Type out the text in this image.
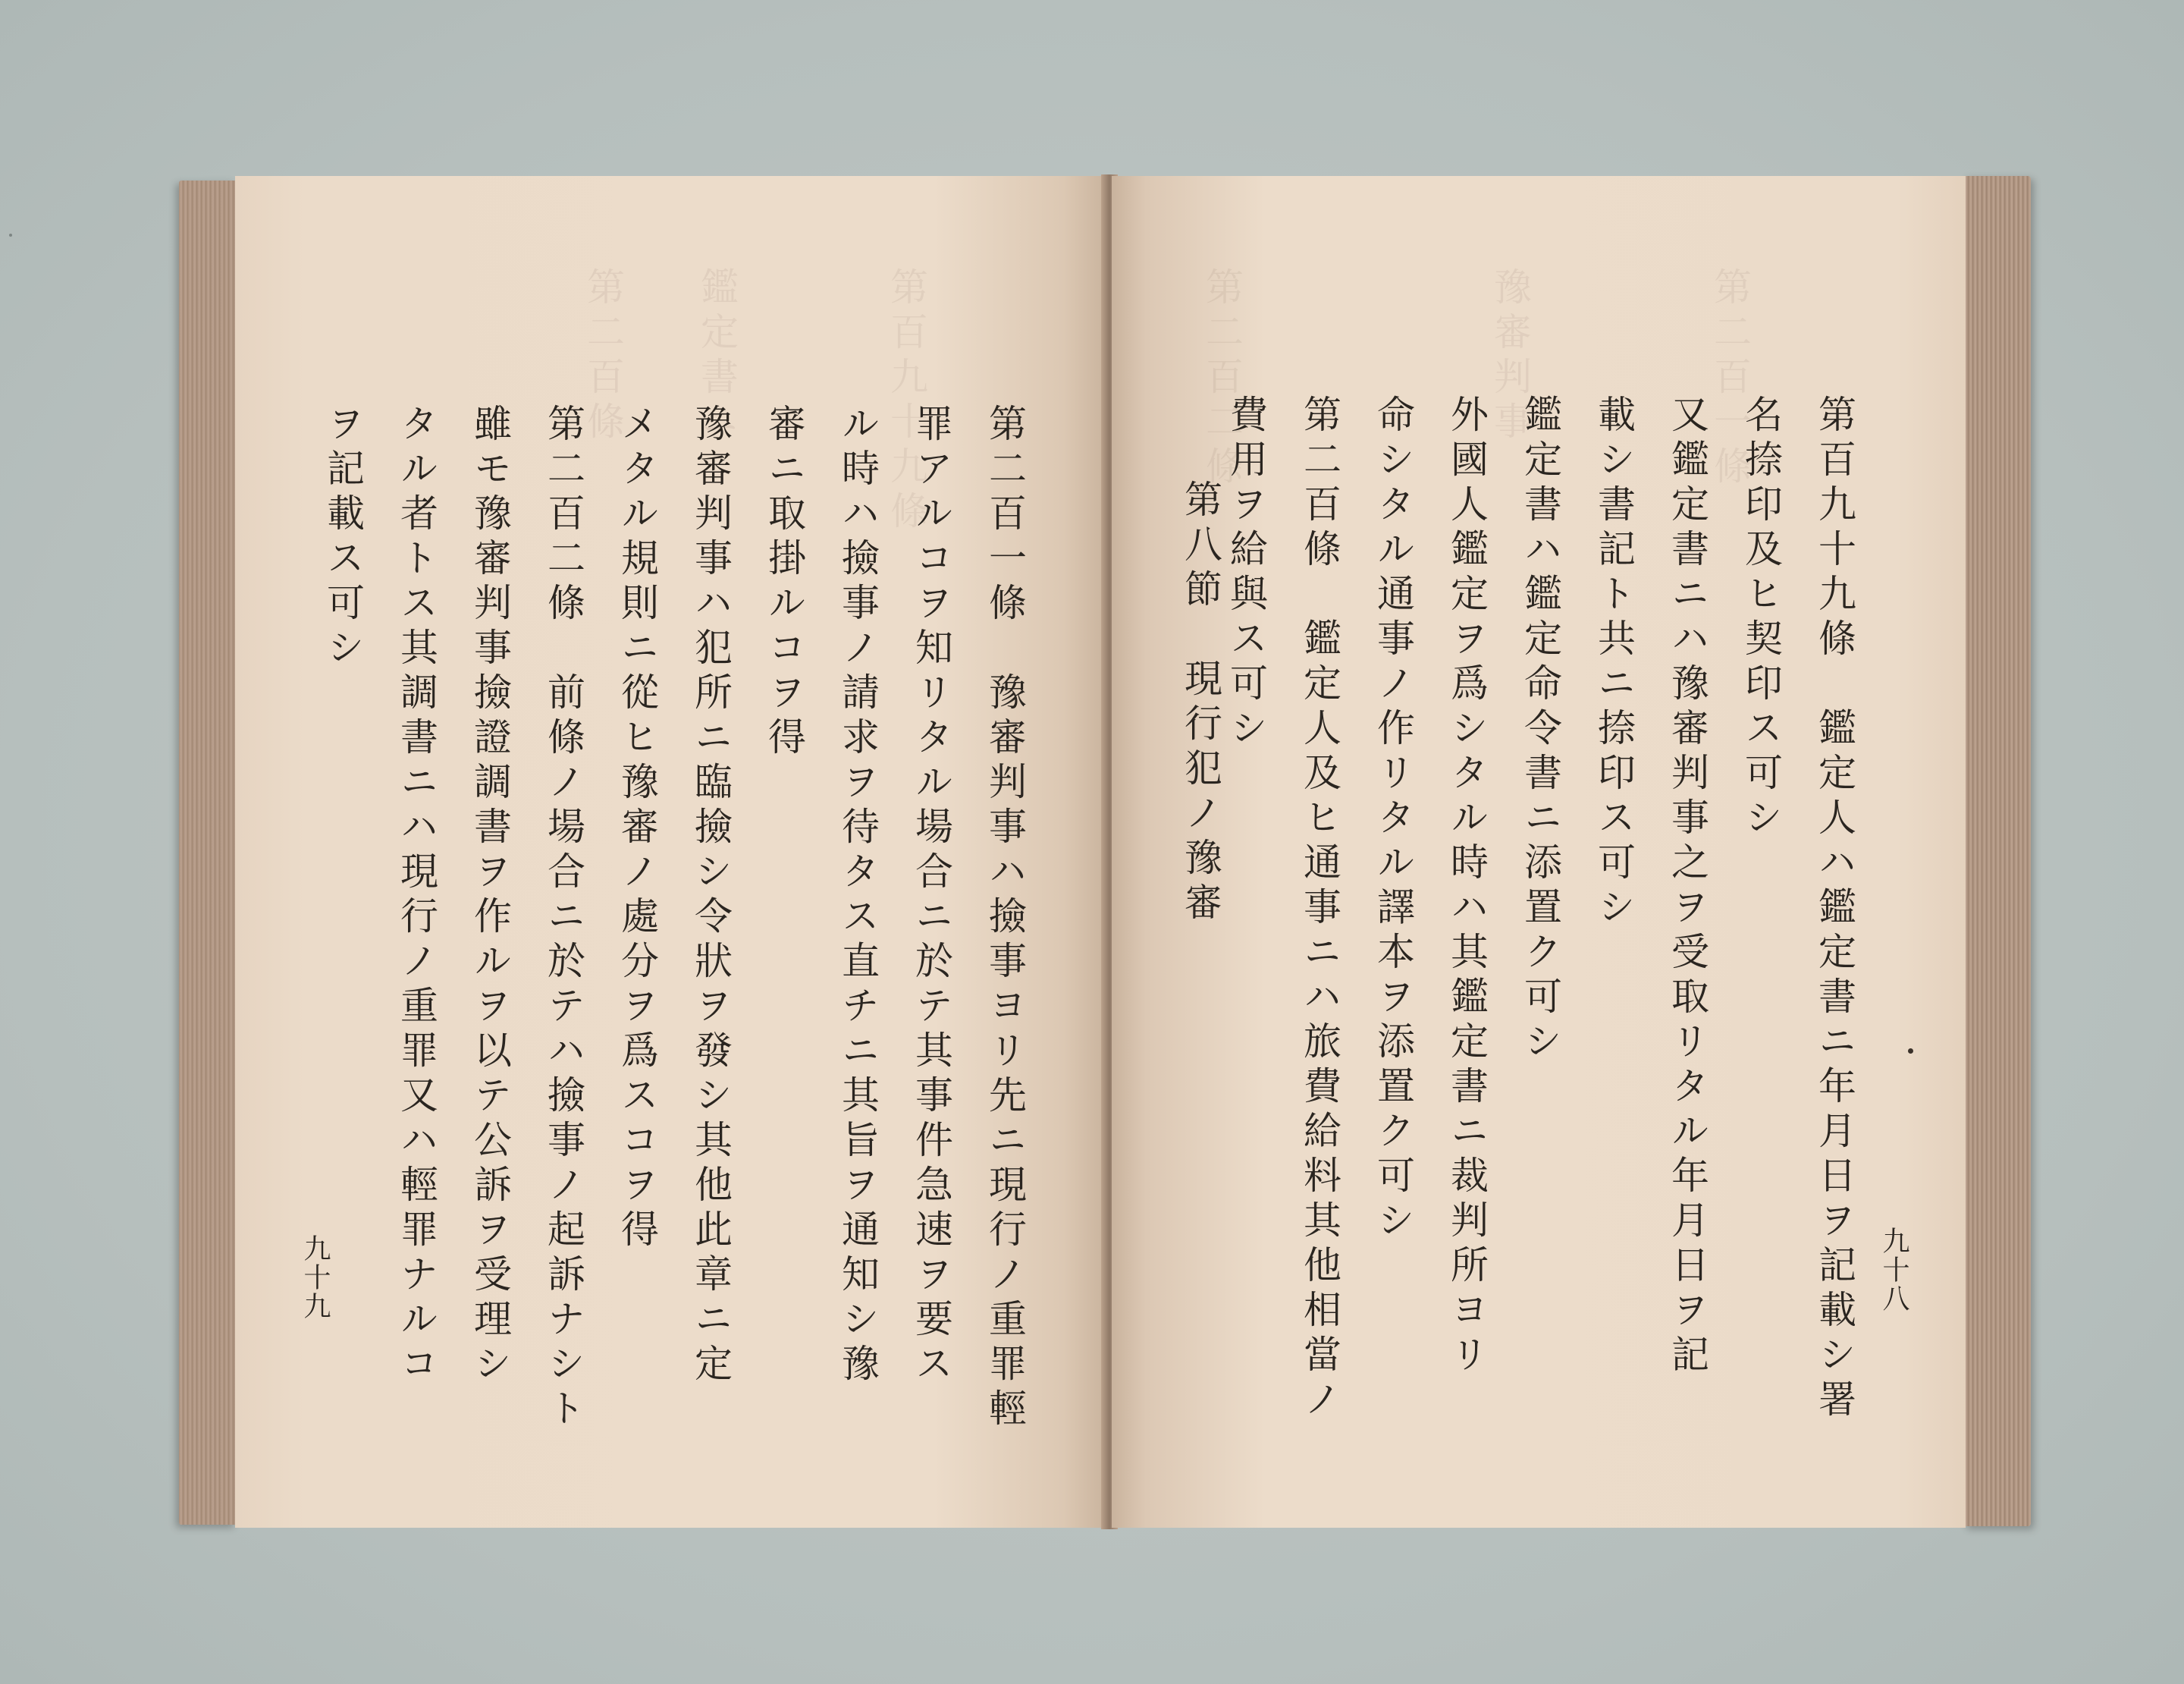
第百九十九條
鑑定書ニ
第二百條
第二百一條　豫審判事ハ撿事ヨリ先ニ現行ノ重罪輕
罪アルコヲ知リタル場合ニ於テ其事件急速ヲ要ス
ル時ハ撿事ノ請求ヲ待タス直チニ其旨ヲ通知シ豫
審ニ取掛ルコヲ得
豫審判事ハ犯所ニ臨撿シ令狀ヲ發シ其他此章ニ定
メタル規則ニ從ヒ豫審ノ處分ヲ爲スコヲ得
第二百二條　前條ノ場合ニ於テハ撿事ノ起訴ナシト
雖モ豫審判事撿證調書ヲ作ルヲ以テ公訴ヲ受理シ
タル者トス其調書ニハ現行ノ重罪又ハ輕罪ナルコ
ヲ記載ス可シ
九十九
第二百一條
豫審判事
第二百二條
第百九十九條　鑑定人ハ鑑定書ニ年月日ヲ記載シ署
名捺印及ヒ契印ス可シ
又鑑定書ニハ豫審判事之ヲ受取リタル年月日ヲ記
載シ書記ト共ニ捺印ス可シ
鑑定書ハ鑑定命令書ニ添置ク可シ
外國人鑑定ヲ爲シタル時ハ其鑑定書ニ裁判所ヨリ
命シタル通事ノ作リタル譯本ヲ添置ク可シ
第二百條　鑑定人及ヒ通事ニハ旅費給料其他相當ノ
費用ヲ給與ス可シ
第八節　現行犯ノ豫審
九十八
